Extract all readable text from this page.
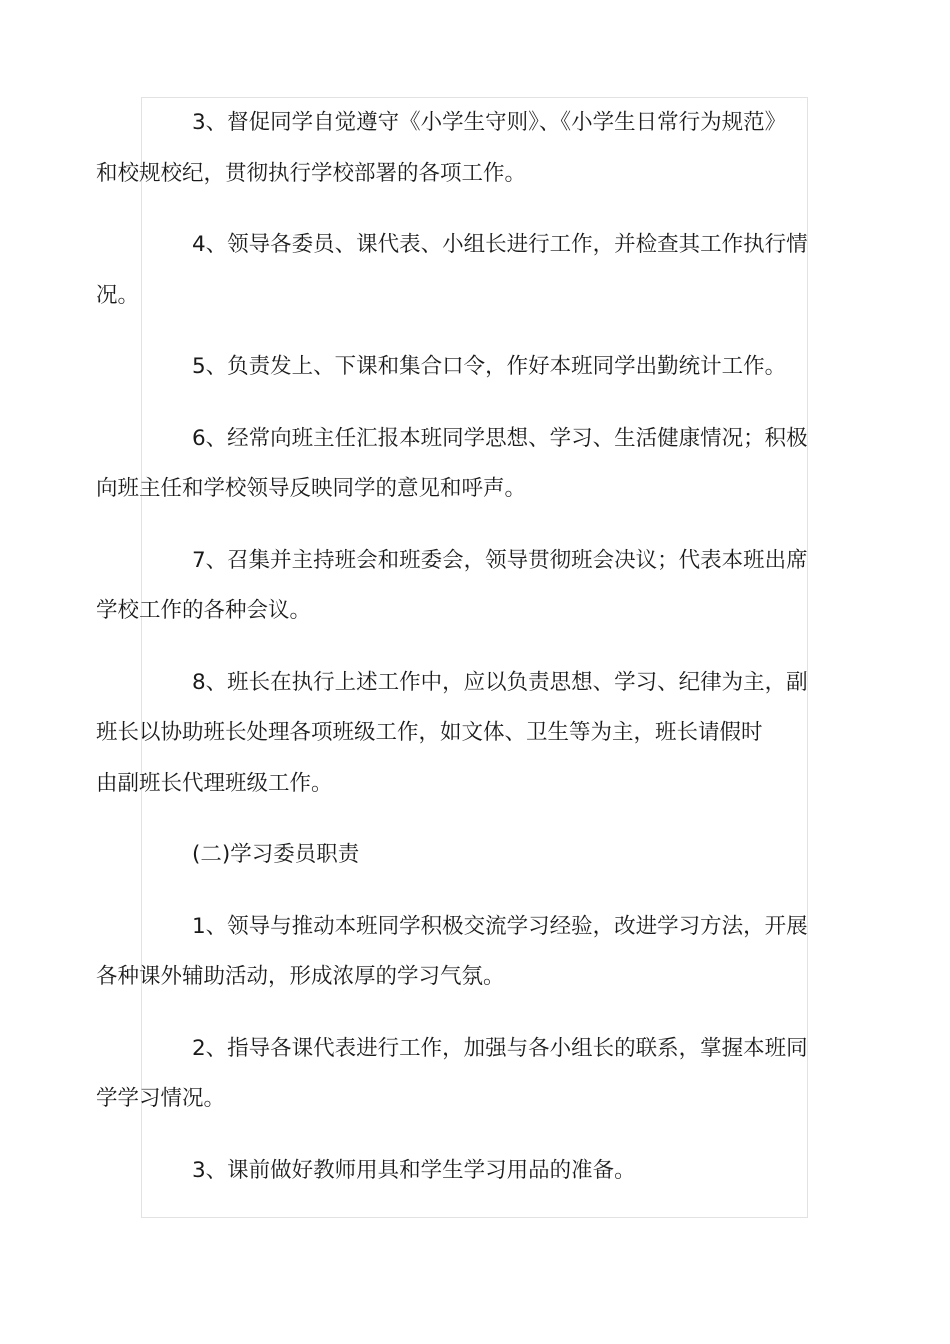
3、督促同学自觉遵守《小学生守则》、《小学生日常行为规范》
和校规校纪，贯彻执行学校部署的各项工作。
4、领导各委员、课代表、小组长进行工作，并检查其工作执行情
况。
5、负责发上、下课和集合口令，作好本班同学出勤统计工作。
6、经常向班主任汇报本班同学思想、学习、生活健康情况；积极
向班主任和学校领导反映同学的意见和呼声。
7、召集并主持班会和班委会，领导贯彻班会决议；代表本班出席
学校工作的各种会议。
8、班长在执行上述工作中，应以负责思想、学习、纪律为主，副
班长以协助班长处理各项班级工作，如文体、卫生等为主，班长请假时
由副班长代理班级工作。
(二)学习委员职责
1、领导与推动本班同学积极交流学习经验，改进学习方法，开展
各种课外辅助活动，形成浓厚的学习气氛。
2、指导各课代表进行工作，加强与各小组长的联系，掌握本班同
学学习情况。
3、课前做好教师用具和学生学习用品的准备。
